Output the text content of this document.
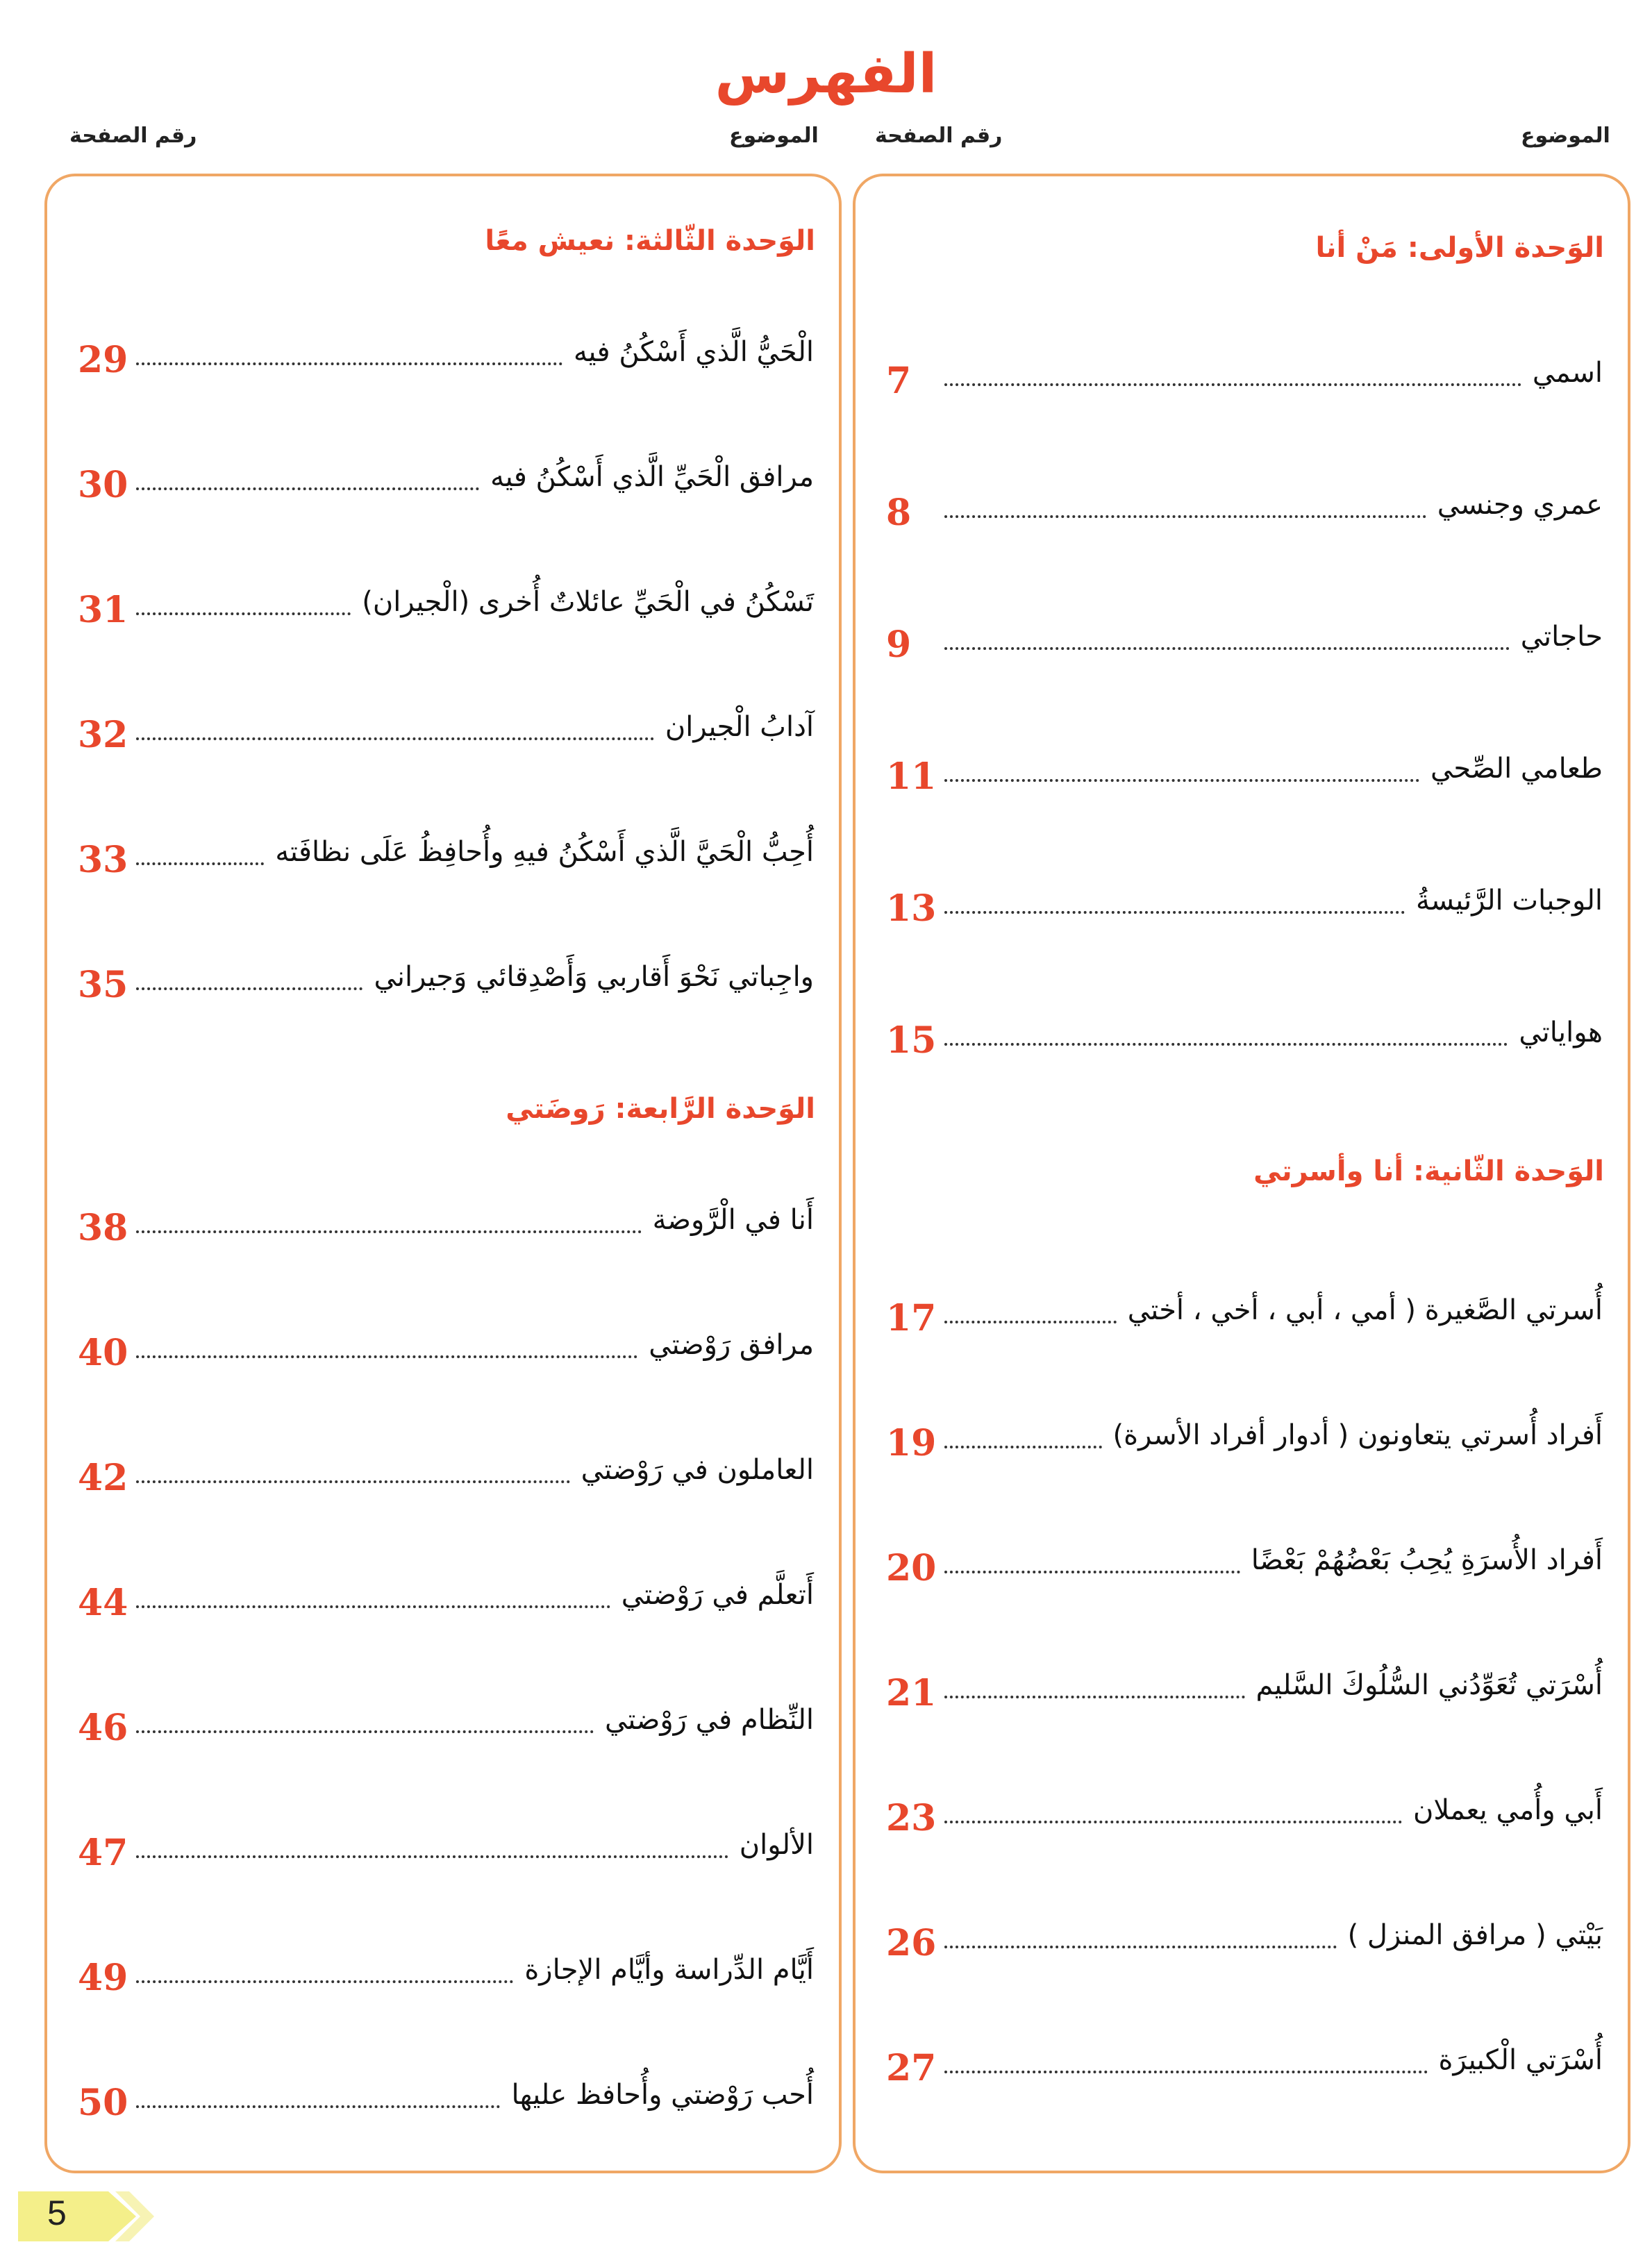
الفهرس
رقم الصفحة	الموضوع	رقم الصفحة	الموضوع
الوَحدة الثّالثة: نعيش معًا
الْحَيُّ الَّذي أَسْكُنُ فيه
29
مرافق الْحَيِّ الَّذي أَسْكُنُ فيه
30
تَسْكُنُ في الْحَيِّ عائلاتٌ أُخرى (الْجيران)
31
آدابُ الْجيران
32
أُحِبُّ الْحَيَّ الَّذي أَسْكُنُ فيهِ وأُحافِظُ عَلَى نظافَته
33
واجِباتي نَحْوَ أَقاربي وَأَصْدِقائي وَجيراني
35
الوَحدة الرَّابعة: رَوضَتي
أَنا في الْرَّوضة
38
مرافق رَوْضتي
40
العاملون في رَوْضتي
42
أَتعلَّم في رَوْضتي
44
النِّظام في رَوْضتي
46
الألوان
47
أَيَّام الدِّراسة وأيَّام الإجازة
49
أُحب رَوْضتي وأُحافظ عليها
50
الوَحدة الأولى: مَنْ أنا
اسمي
7
عمري وجنسي
8
حاجاتي
9
طعامي الصِّحي
11
الوجبات الرَّئيسةُ
13
هواياتي
15
الوَحدة الثّانية: أنا وأسرتي
أُسرتي الصَّغيرة ( أمي ، أبي ، أخي ، أختي
17
أَفراد أُسرتي يتعاونون ( أدوار أفراد الأسرة)
19
أَفراد الأُسرَةِ يُحِبُ بَعْضُهُمْ بَعْضًا
20
أُسْرَتي تُعَوِّدُني السُّلُوكَ السَّليم
21
أَبي وأُمي يعملان
23
بَيْتي ( مرافق المنزل )
26
أُسْرَتي الْكبيرَة
27
5
